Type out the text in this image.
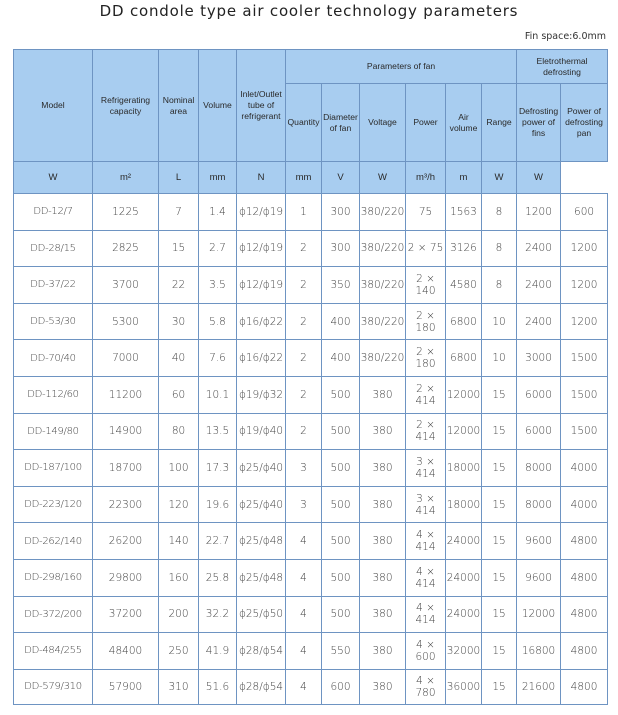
DD condole type air cooler technology parameters
Fin space:6.0mm
Model	Refrigerating capacity	Nominal area	Volume	Inlet/Outlet tube of refrigerant	Parameters of fan						Eletrothermal defrosting	
					Quantity	Diameter of fan	Voltage	Power	Air volume	Range	Defrosting power of fins	Power of defrosting pan
W	m²	L	mm	N	mm	V	W	m³/h	m	W	W	
DD-12/7	1225	7	1.4	ϕ12/ϕ19	1	300	380/220	75	1563	8	1200	600
DD-28/15	2825	15	2.7	ϕ12/ϕ19	2	300	380/220	2 × 75	3126	8	2400	1200
DD-37/22	3700	22	3.5	ϕ12/ϕ19	2	350	380/220	2 × 140	4580	8	2400	1200
DD-53/30	5300	30	5.8	ϕ16/ϕ22	2	400	380/220	2 × 180	6800	10	2400	1200
DD-70/40	7000	40	7.6	ϕ16/ϕ22	2	400	380/220	2 × 180	6800	10	3000	1500
DD-112/60	11200	60	10.1	ϕ19/ϕ32	2	500	380	2 × 414	12000	15	6000	1500
DD-149/80	14900	80	13.5	ϕ19/ϕ40	2	500	380	2 × 414	12000	15	6000	1500
DD-187/100	18700	100	17.3	ϕ25/ϕ40	3	500	380	3 × 414	18000	15	8000	4000
DD-223/120	22300	120	19.6	ϕ25/ϕ40	3	500	380	3 × 414	18000	15	8000	4000
DD-262/140	26200	140	22.7	ϕ25/ϕ48	4	500	380	4 × 414	24000	15	9600	4800
DD-298/160	29800	160	25.8	ϕ25/ϕ48	4	500	380	4 × 414	24000	15	9600	4800
DD-372/200	37200	200	32.2	ϕ25/ϕ50	4	500	380	4 × 414	24000	15	12000	4800
DD-484/255	48400	250	41.9	ϕ28/ϕ54	4	550	380	4 × 600	32000	15	16800	4800
DD-579/310	57900	310	51.6	ϕ28/ϕ54	4	600	380	4 × 780	36000	15	21600	4800
